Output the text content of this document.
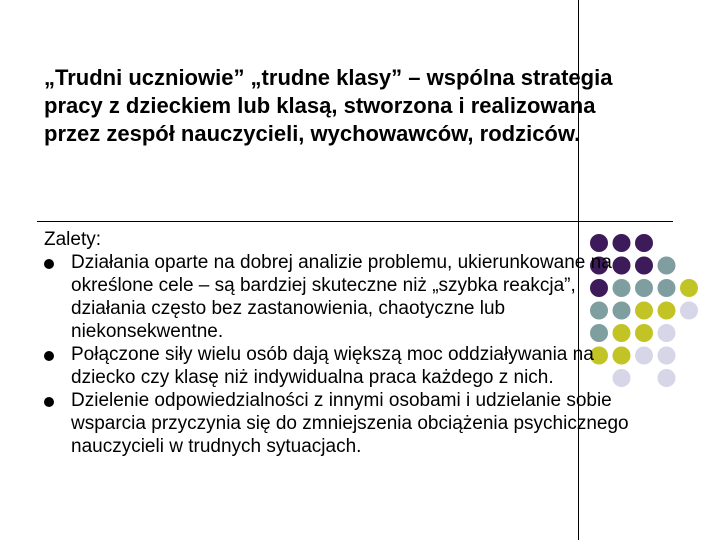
„Trudni uczniowie” „trudne klasy” – wspólna strategia pracy z dzieckiem lub klasą, stworzona i realizowana przez zespół nauczycieli, wychowawców, rodziców.

Zalety:

Działania oparte na dobrej analizie problemu, ukierunkowane na określone cele – są bardziej skuteczne niż „szybka reakcja”, działania często bez zastanowienia, chaotyczne lub niekonsekwentne.
Połączone siły wielu osób dają większą moc oddziaływania na dziecko czy klasę niż indywidualna praca każdego z nich.
Dzielenie odpowiedzialności z innymi osobami i udzielanie sobie wsparcia przyczynia się do zmniejszenia obciążenia psychicznego nauczycieli w trudnych sytuacjach.
